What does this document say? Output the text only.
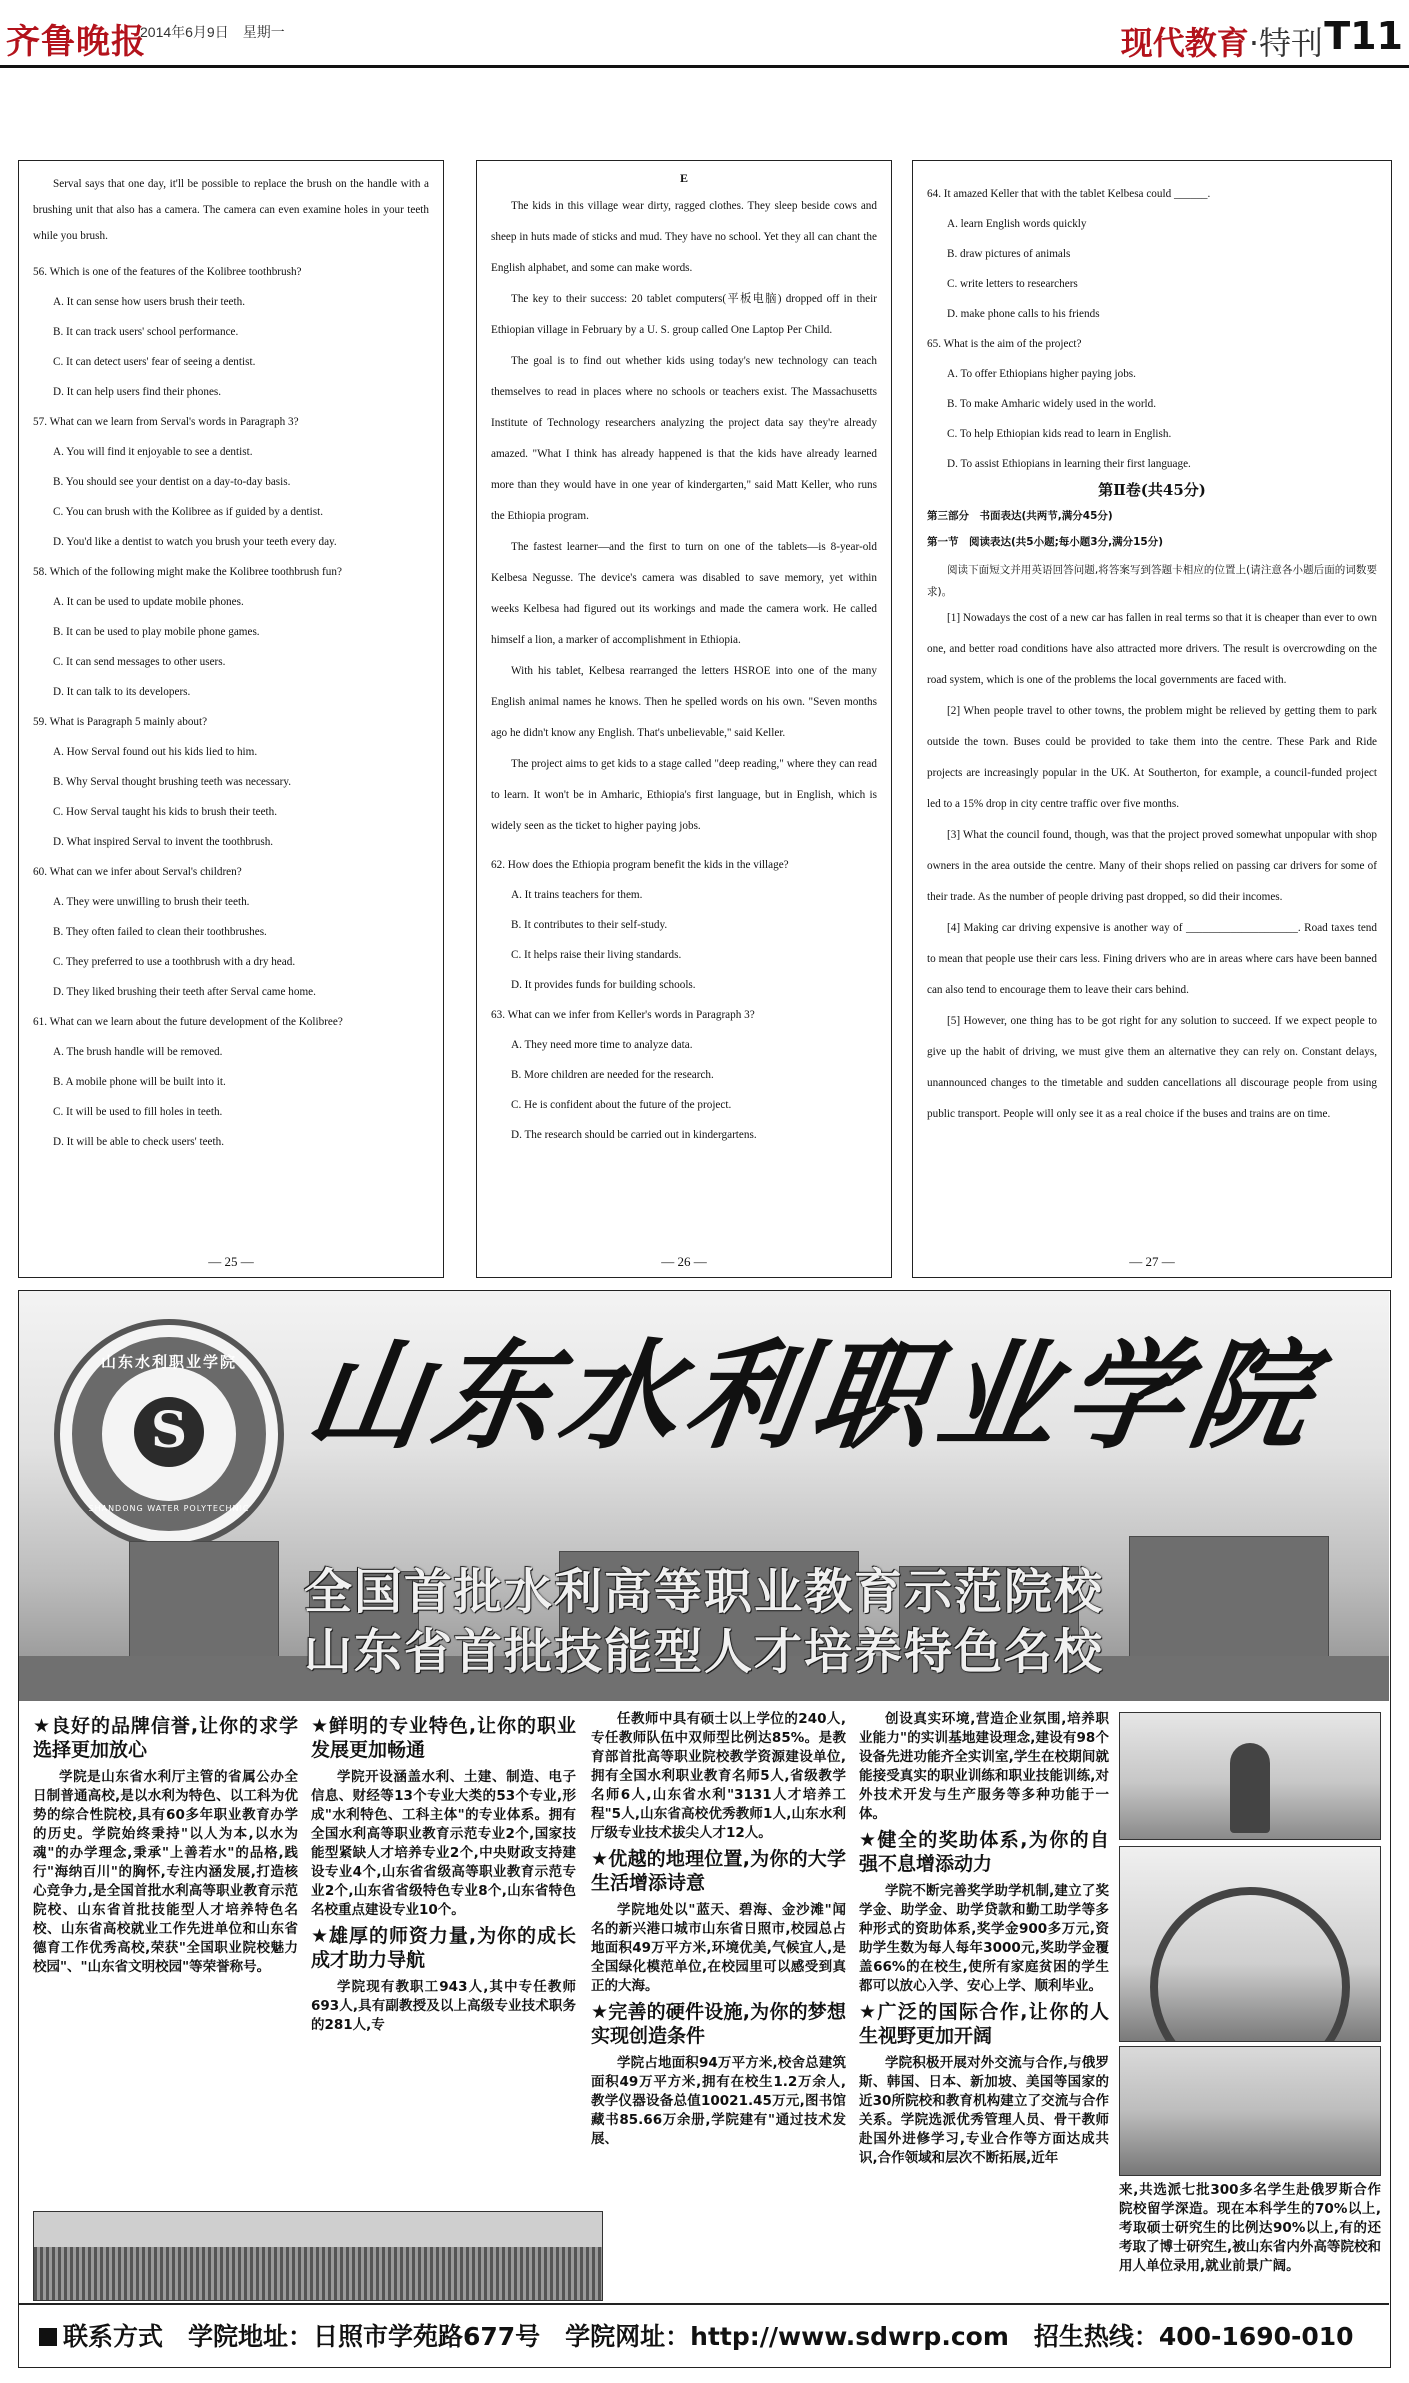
齐鲁晚报
2014年6月9日　星期一	现代教育·特刊 T11

Serval says that one day, it'll be possible to replace the brush on the handle with a brushing unit that also has a camera. The camera can even examine holes in your teeth while you brush.

56. Which is one of the features of the Kolibree toothbrush?

A. It can sense how users brush their teeth.

B. It can track users' school performance.

C. It can detect users' fear of seeing a dentist.

D. It can help users find their phones.

57. What can we learn from Serval's words in Paragraph 3?

A. You will find it enjoyable to see a dentist.

B. You should see your dentist on a day-to-day basis.

C. You can brush with the Kolibree as if guided by a dentist.

D. You'd like a dentist to watch you brush your teeth every day.

58. Which of the following might make the Kolibree toothbrush fun?

A. It can be used to update mobile phones.

B. It can be used to play mobile phone games.

C. It can send messages to other users.

D. It can talk to its developers.

59. What is Paragraph 5 mainly about?

A. How Serval found out his kids lied to him.

B. Why Serval thought brushing teeth was necessary.

C. How Serval taught his kids to brush their teeth.

D. What inspired Serval to invent the toothbrush.

60. What can we infer about Serval's children?

A. They were unwilling to brush their teeth.

B. They often failed to clean their toothbrushes.

C. They preferred to use a toothbrush with a dry head.

D. They liked brushing their teeth after Serval came home.

61. What can we learn about the future development of the Kolibree?

A. The brush handle will be removed.

B. A mobile phone will be built into it.

C. It will be used to fill holes in teeth.

D. It will be able to check users' teeth.

— 25 —
E

The kids in this village wear dirty, ragged clothes. They sleep beside cows and sheep in huts made of sticks and mud. They have no school. Yet they all can chant the English alphabet, and some can make words.

The key to their success: 20 tablet computers(平板电脑) dropped off in their Ethiopian village in February by a U. S. group called One Laptop Per Child.

The goal is to find out whether kids using today's new technology can teach themselves to read in places where no schools or teachers exist. The Massachusetts Institute of Technology researchers analyzing the project data say they're already amazed. "What I think has already happened is that the kids have already learned more than they would have in one year of kindergarten," said Matt Keller, who runs the Ethiopia program.

The fastest learner—and the first to turn on one of the tablets—is 8-year-old Kelbesa Negusse. The device's camera was disabled to save memory, yet within weeks Kelbesa had figured out its workings and made the camera work. He called himself a lion, a marker of accomplishment in Ethiopia.

With his tablet, Kelbesa rearranged the letters HSROE into one of the many English animal names he knows. Then he spelled words on his own. "Seven months ago he didn't know any English. That's unbelievable," said Keller.

The project aims to get kids to a stage called "deep reading," where they can read to learn. It won't be in Amharic, Ethiopia's first language, but in English, which is widely seen as the ticket to higher paying jobs.

62. How does the Ethiopia program benefit the kids in the village?

A. It trains teachers for them.

B. It contributes to their self-study.

C. It helps raise their living standards.

D. It provides funds for building schools.

63. What can we infer from Keller's words in Paragraph 3?

A. They need more time to analyze data.

B. More children are needed for the research.

C. He is confident about the future of the project.

D. The research should be carried out in kindergartens.

— 26 —

64. It amazed Keller that with the tablet Kelbesa could ______.

A. learn English words quickly

B. draw pictures of animals

C. write letters to researchers

D. make phone calls to his friends

65. What is the aim of the project?

A. To offer Ethiopians higher paying jobs.

B. To make Amharic widely used in the world.

C. To help Ethiopian kids read to learn in English.

D. To assist Ethiopians in learning their first language.

第Ⅱ卷(共45分)
第三部分　书面表达(共两节,满分45分)
第一节　阅读表达(共5小题;每小题3分,满分15分)

阅读下面短文并用英语回答问题,将答案写到答题卡相应的位置上(请注意各小题后面的词数要求)。

[1] Nowadays the cost of a new car has fallen in real terms so that it is cheaper than ever to own one, and better road conditions have also attracted more drivers. The result is overcrowding on the road system, which is one of the problems the local governments are faced with.

[2] When people travel to other towns, the problem might be relieved by getting them to park outside the town. Buses could be provided to take them into the centre. These Park and Ride projects are increasingly popular in the UK. At Southerton, for example, a council-funded project led to a 15% drop in city centre traffic over five months.

[3] What the council found, though, was that the project proved somewhat unpopular with shop owners in the area outside the centre. Many of their shops relied on passing car drivers for some of their trade. As the number of people driving past dropped, so did their incomes.

[4] Making car driving expensive is another way of ____________________. Road taxes tend to mean that people use their cars less. Fining drivers who are in areas where cars have been banned can also tend to encourage them to leave their cars behind.

[5] However, one thing has to be got right for any solution to succeed. If we expect people to give up the habit of driving, we must give them an alternative they can rely on. Constant delays, unannounced changes to the timetable and sudden cancellations all discourage people from using public transport. People will only see it as a real choice if the buses and trains are on time.

— 27 —
山东水利职业学院
S
SHANDONG WATER POLYTECHNIC
山东水利职业学院
全国首批水利高等职业教育示范院校
山东省首批技能型人才培养特色名校
★良好的品牌信誉,让你的求学选择更加放心

学院是山东省水利厅主管的省属公办全日制普通高校,是以水利为特色、以工科为优势的综合性院校,具有60多年职业教育办学的历史。学院始终秉持"以人为本,以水为魂"的办学理念,秉承"上善若水"的品格,践行"海纳百川"的胸怀,专注内涵发展,打造核心竞争力,是全国首批水利高等职业教育示范院校、山东省首批技能型人才培养特色名校、山东省高校就业工作先进单位和山东省德育工作优秀高校,荣获"全国职业院校魅力校园"、"山东省文明校园"等荣誉称号。

★鲜明的专业特色,让你的职业发展更加畅通

学院开设涵盖水利、土建、制造、电子信息、财经等13个专业大类的53个专业,形成"水利特色、工科主体"的专业体系。拥有全国水利高等职业教育示范专业2个,国家技能型紧缺人才培养专业2个,中央财政支持建设专业4个,山东省省级高等职业教育示范专业2个,山东省省级特色专业8个,山东省特色名校重点建设专业10个。

★雄厚的师资力量,为你的成长成才助力导航

学院现有教职工943人,其中专任教师693人,具有副教授及以上高级专业技术职务的281人,专

任教师中具有硕士以上学位的240人,专任教师队伍中双师型比例达85%。是教育部首批高等职业院校教学资源建设单位,拥有全国水利职业教育名师5人,省级教学名师6人,山东省水利"3131人才培养工程"5人,山东省高校优秀教师1人,山东水利厅级专业技术拔尖人才12人。

★优越的地理位置,为你的大学生活增添诗意

学院地处以"蓝天、碧海、金沙滩"闻名的新兴港口城市山东省日照市,校园总占地面积49万平方米,环境优美,气候宜人,是全国绿化模范单位,在校园里可以感受到真正的大海。

★完善的硬件设施,为你的梦想实现创造条件

学院占地面积94万平方米,校舍总建筑面积49万平方米,拥有在校生1.2万余人,教学仪器设备总值10021.45万元,图书馆藏书85.66万余册,学院建有"通过技术发展、

创设真实环境,营造企业氛围,培养职业能力"的实训基地建设理念,建设有98个设备先进功能齐全实训室,学生在校期间就能接受真实的职业训练和职业技能训练,对外技术开发与生产服务等多种功能于一体。

★健全的奖助体系,为你的自强不息增添动力

学院不断完善奖学助学机制,建立了奖学金、助学金、助学贷款和勤工助学等多种形式的资助体系,奖学金900多万元,资助学生数为每人每年3000元,奖助学金覆盖66%的在校生,使所有家庭贫困的学生都可以放心入学、安心上学、顺利毕业。

★广泛的国际合作,让你的人生视野更加开阔

学院积极开展对外交流与合作,与俄罗斯、韩国、日本、新加坡、美国等国家的近30所院校和教育机构建立了交流与合作关系。学院选派优秀管理人员、骨干教师赴国外进修学习,专业合作等方面达成共识,合作领域和层次不断拓展,近年

来,共选派七批300多名学生赴俄罗斯合作院校留学深造。现在本科学生的70%以上,考取硕士研究生的比例达90%以上,有的还考取了博士研究生,被山东省内外高等院校和用人单位录用,就业前景广阔。
联系方式　学院地址：日照市学苑路677号　学院网址：http://www.sdwrp.com　招生热线：400-1690-010
